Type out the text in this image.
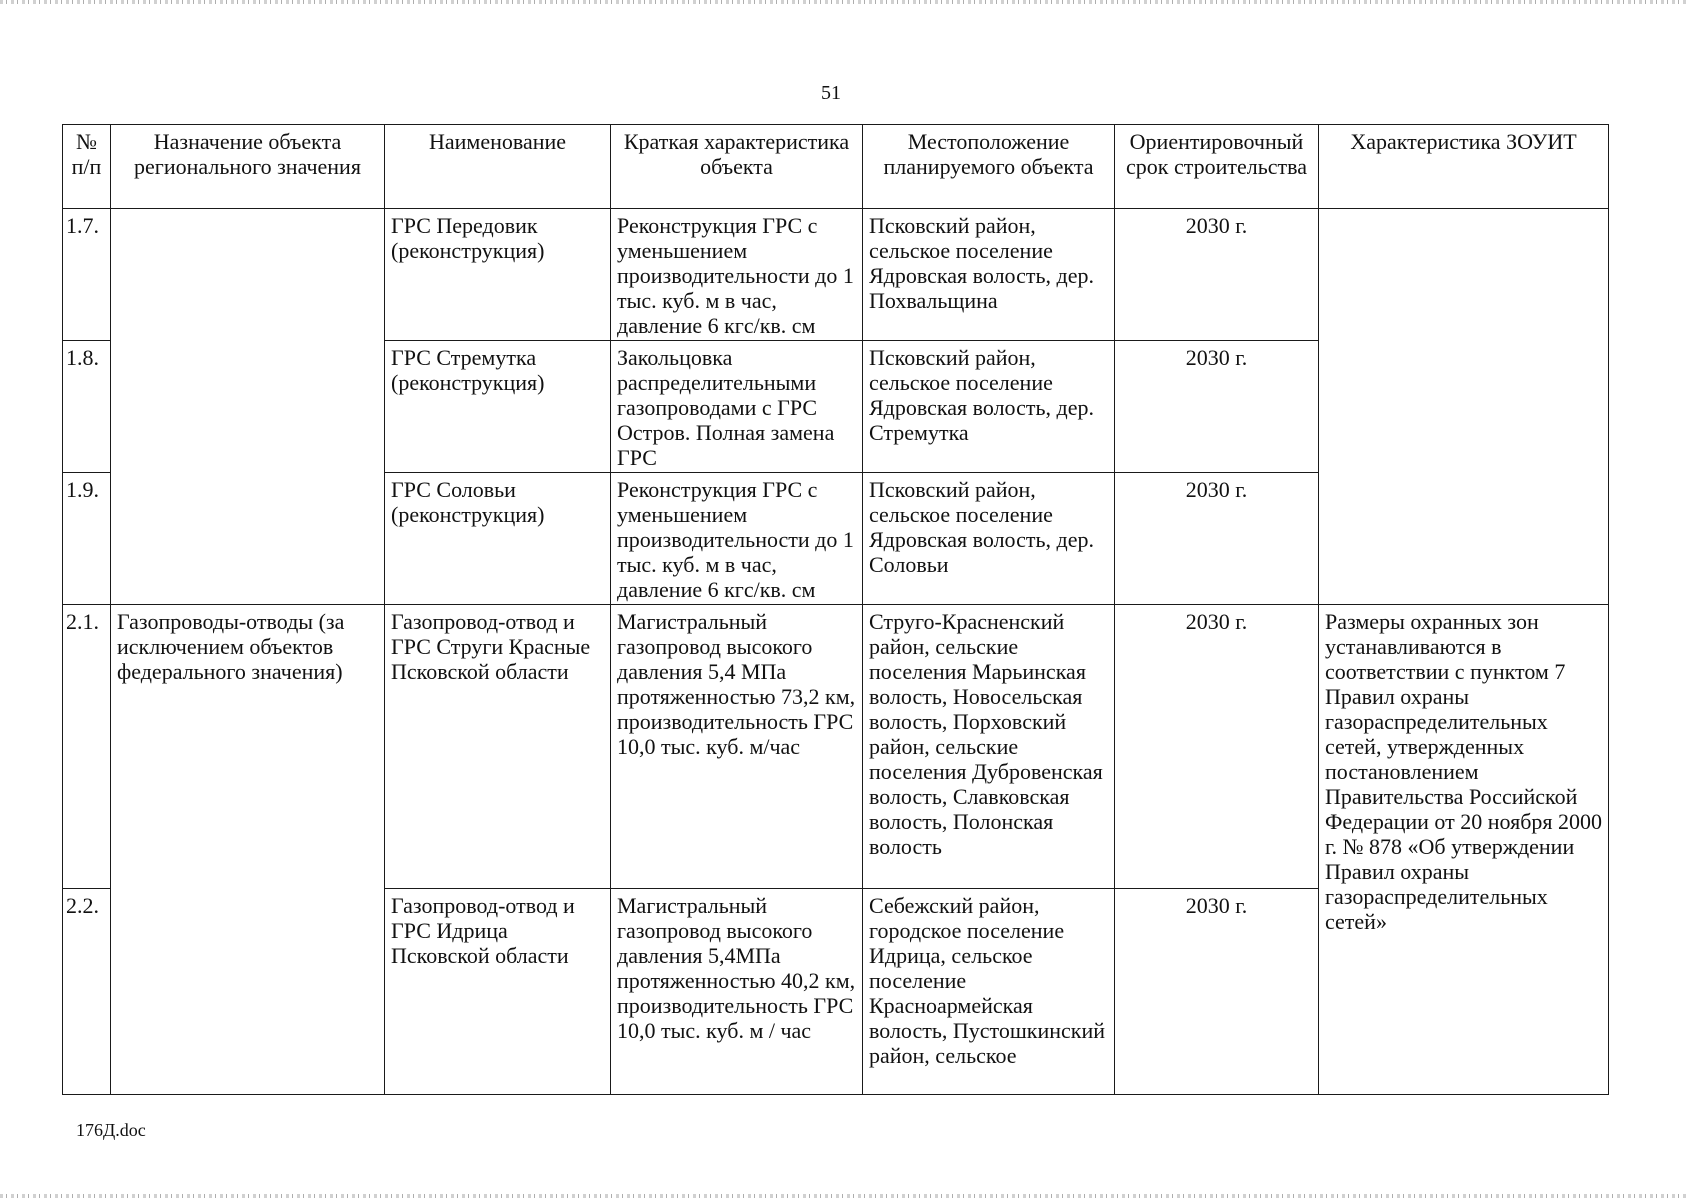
51
№ п/п	Назначение объекта регионального значения	Наименование	Краткая характеристика объекта	Местоположение планируемого объекта	Ориентировочный срок строительства	Характеристика ЗОУИТ
1.7.		ГРС Передовик (реконструкция)	Реконструкция ГРС с уменьшением производительности до 1 тыс. куб. м в час, давление 6 кгс/кв. см	Псковский район, сельское поселение Ядровская волость, дер. Похвальщина	2030 г.	
1.8.		ГРС Стремутка (реконструкция)	Закольцовка распределительными газопроводами с ГРС Остров. Полная замена ГРС	Псковский район, сельское поселение Ядровская волость, дер. Стремутка	2030 г.	
1.9.		ГРС Соловьи (реконструкция)	Реконструкция ГРС с уменьшением производительности до 1 тыс. куб. м в час, давление 6 кгс/кв. см	Псковский район, сельское поселение Ядровская волость, дер. Соловьи	2030 г.	
2.1.	Газопроводы-отводы (за исключением объектов федерального значения)	Газопровод-отвод и ГРС Струги Красные Псковской области	Магистральный газопровод высокого давления 5,4 МПа протяженностью 73,2 км, производительность ГРС 10,0 тыс. куб. м/час	Струго-Красненский район, сельские поселения Марьинская волость, Новосельская волость, Порховский район, сельские поселения Дубровенская волость, Славковская волость, Полонская волость	2030 г.	Размеры охранных зон устанавливаются в соответствии с пунктом 7 Правил охраны газораспределительных сетей, утвержденных постановлением Правительства Российской Федерации от 20 ноября 2000 г. № 878 «Об утверждении Правил охраны газораспределительных сетей»
2.2.		Газопровод-отвод и ГРС Идрица Псковской области	Магистральный газопровод высокого давления 5,4МПа протяженностью 40,2 км, производительность ГРС 10,0 тыс. куб. м / час	Себежский район, городское поселение Идрица, сельское поселение Красноармейская волость, Пустошкинский район, сельское	2030 г.	
176Д.doc
